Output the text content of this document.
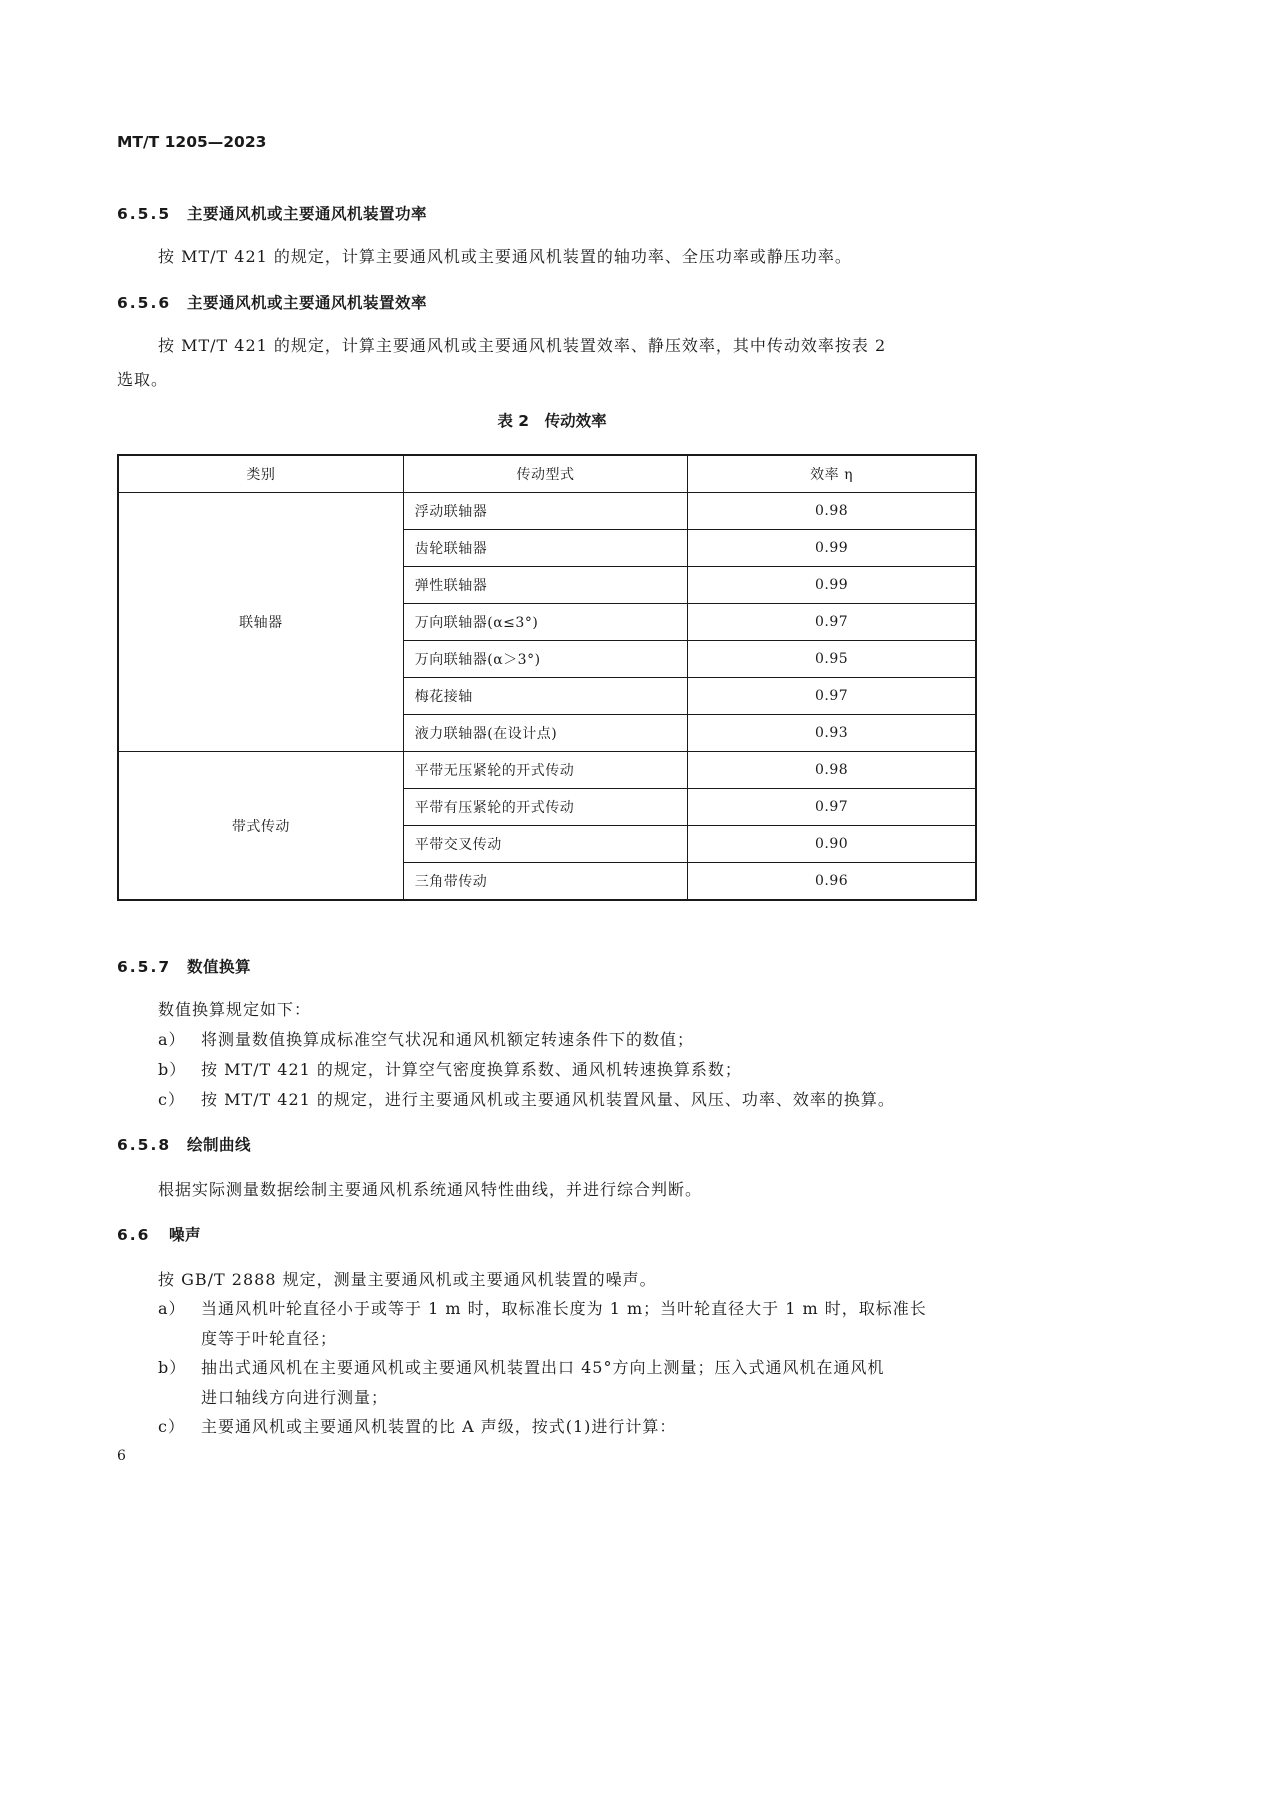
MT/T 1205—2023
6.5.5 主要通风机或主要通风机装置功率
按 MT/T 421 的规定，计算主要通风机或主要通风机装置的轴功率、全压功率或静压功率。
6.5.6 主要通风机或主要通风机装置效率
按 MT/T 421 的规定，计算主要通风机或主要通风机装置效率、静压效率，其中传动效率按表 2
选取。
表 2　传动效率
类别	传动型式	效率 η
联轴器	浮动联轴器	0.98
	齿轮联轴器	0.99
	弹性联轴器	0.99
	万向联轴器(α≤3°)	0.97
	万向联轴器(α＞3°)	0.95
	梅花接轴	0.97
	液力联轴器(在设计点)	0.93
带式传动	平带无压紧轮的开式传动	0.98
	平带有压紧轮的开式传动	0.97
	平带交叉传动	0.90
	三角带传动	0.96
6.5.7 数值换算
数值换算规定如下：
a） 将测量数值换算成标准空气状况和通风机额定转速条件下的数值；
b） 按 MT/T 421 的规定，计算空气密度换算系数、通风机转速换算系数；
c） 按 MT/T 421 的规定，进行主要通风机或主要通风机装置风量、风压、功率、效率的换算。
6.5.8 绘制曲线
根据实际测量数据绘制主要通风机系统通风特性曲线，并进行综合判断。
6.6 噪声
按 GB/T 2888 规定，测量主要通风机或主要通风机装置的噪声。
a） 当通风机叶轮直径小于或等于 1 m 时，取标准长度为 1 m；当叶轮直径大于 1 m 时，取标准长
度等于叶轮直径；
b） 抽出式通风机在主要通风机或主要通风机装置出口 45°方向上测量；压入式通风机在通风机
进口轴线方向进行测量；
c） 主要通风机或主要通风机装置的比 A 声级，按式(1)进行计算：
6
